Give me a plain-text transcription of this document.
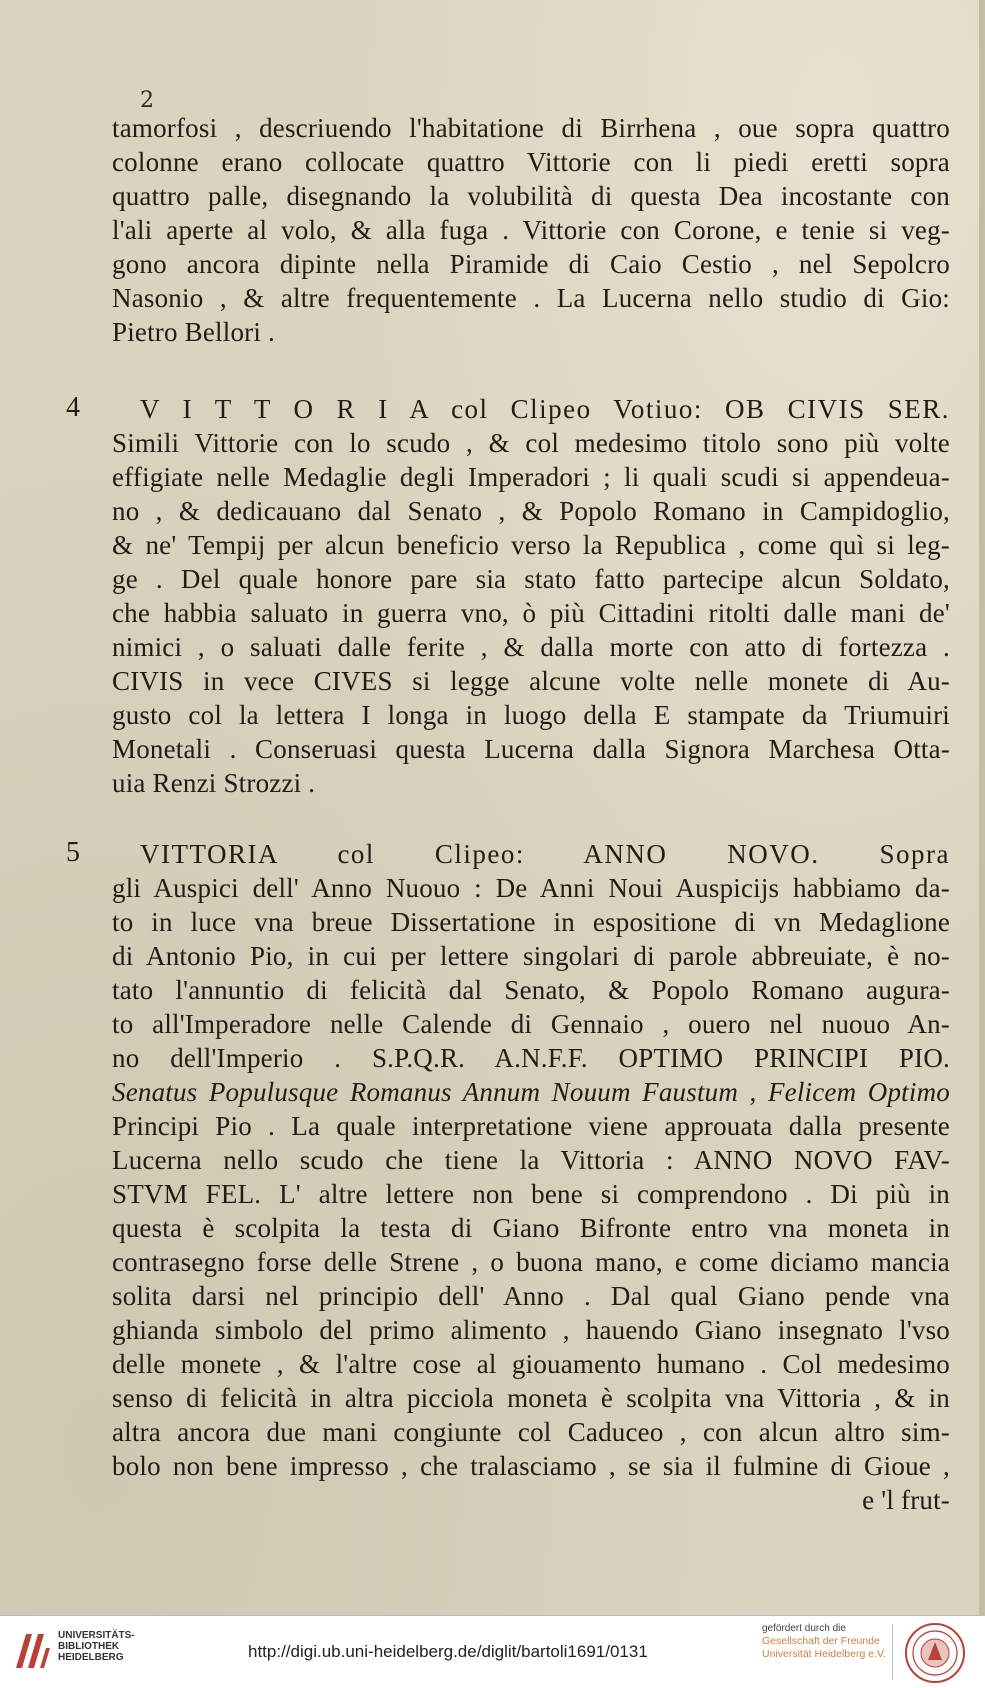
2
tamorfosi , descriuendo l'habitatione di Birrhena , oue sopra quattro
colonne erano collocate quattro Vittorie con li piedi eretti sopra
quattro palle, disegnando la volubilità di questa Dea incostante con
l'ali aperte al volo, & alla fuga . Vittorie con Corone, e tenie si veg-
gono ancora dipinte nella Piramide di Caio Cestio , nel Sepolcro
Nasonio , & altre frequentemente . La Lucerna nello studio di Gio:
Pietro Bellori .
4 V I T T O R I A col Clipeo Votiuo: OB CIVIS SER.
Simili Vittorie con lo scudo , & col medesimo titolo sono più volte
effigiate nelle Medaglie degli Imperadori ; li quali scudi si appendeua-
no , & dedicauano dal Senato , & Popolo Romano in Campidoglio,
& ne' Tempij per alcun beneficio verso la Republica , come quì si leg-
ge . Del quale honore pare sia stato fatto partecipe alcun Soldato,
che habbia saluato in guerra vno, ò più Cittadini ritolti dalle mani de'
nimici , o saluati dalle ferite , & dalla morte con atto di fortezza .
CIVIS in vece CIVES si legge alcune volte nelle monete di Au-
gusto col la lettera I longa in luogo della E stampate da Triumuiri
Monetali . Conseruasi questa Lucerna dalla Signora Marchesa Otta-
uia Renzi Strozzi .
5 VITTORIA col Clipeo: ANNO NOVO. Sopra
gli Auspici dell' Anno Nuouo : De Anni Noui Auspicijs habbiamo da-
to in luce vna breue Dissertatione in espositione di vn Medaglione
di Antonio Pio, in cui per lettere singolari di parole abbreuiate, è no-
tato l'annuntio di felicità dal Senato, & Popolo Romano augura-
to all'Imperadore nelle Calende di Gennaio , ouero nel nuouo An-
no dell'Imperio . S.P.Q.R. A.N.F.F. OPTIMO PRINCIPI PIO.
Senatus Populusque Romanus Annum Nouum Faustum , Felicem Optimo
Principi Pio . La quale interpretatione viene approuata dalla presente
Lucerna nello scudo che tiene la Vittoria : ANNO NOVO FAV-
STVM FEL. L' altre lettere non bene si comprendono . Di più in
questa è scolpita la testa di Giano Bifronte entro vna moneta in
contrasegno forse delle Strene , o buona mano, e come diciamo mancia
solita darsi nel principio dell' Anno . Dal qual Giano pende vna
ghianda simbolo del primo alimento , hauendo Giano insegnato l'vso
delle monete , & l'altre cose al giouamento humano . Col medesimo
senso di felicità in altra picciola moneta è scolpita vna Vittoria , & in
altra ancora due mani congiunte col Caduceo , con alcun altro sim-
bolo non bene impresso , che tralasciamo , se sia il fulmine di Gioue ,
e 'l frut-
UNIVERSITÄTS-
BIBLIOTHEK
HEIDELBERG	http://digi.ub.uni-heidelberg.de/diglit/bartoli1691/0131
gefördert durch die
Gesellschaft der Freunde
Universität Heidelberg e.V.
